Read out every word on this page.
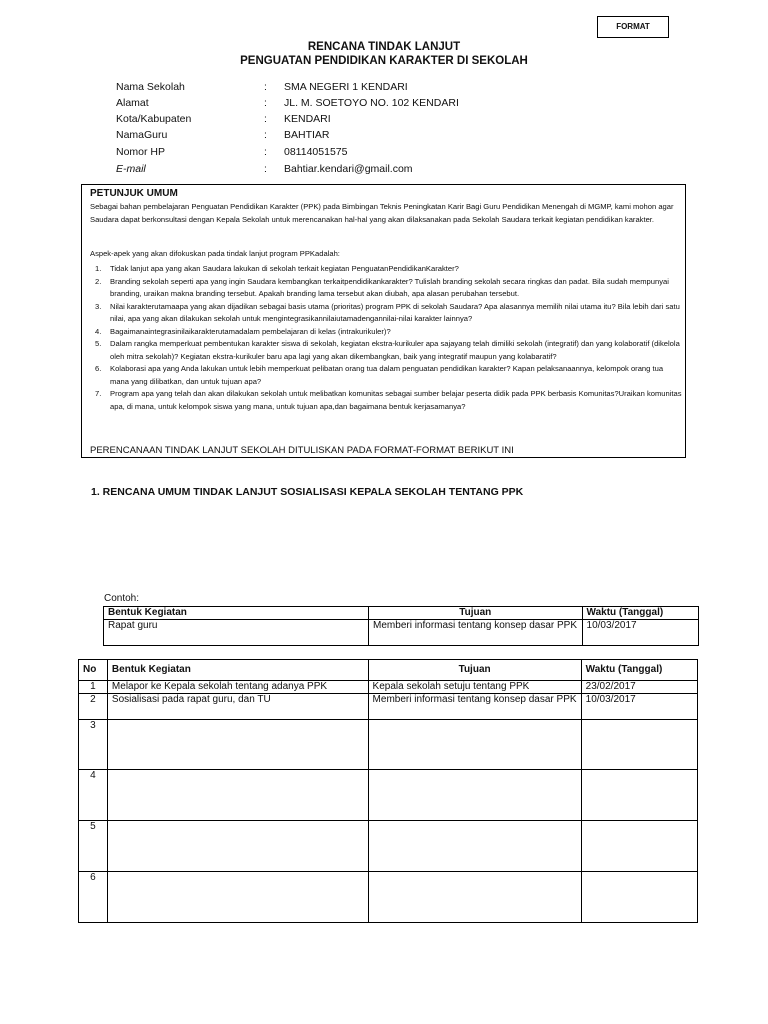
FORMAT
RENCANA TINDAK LANJUT
PENGUATAN PENDIDIKAN KARAKTER DI SEKOLAH
Nama Sekolah	: SMA NEGERI 1 KENDARI
Alamat	: JL. M. SOETOYO NO. 102 KENDARI
Kota/Kabupaten	: KENDARI
NamaGuru	: BAHTIAR
Nomor HP	: 08114051575
E-mail	: Bahtiar.kendari@gmail.com
PETUNJUK UMUM
Sebagai bahan pembelajaran Penguatan Pendidikan Karakter (PPK) pada Bimbingan Teknis Peningkatan Karir Bagi Guru Pendidikan Menengah di MGMP, kami mohon agar Saudara dapat berkonsultasi dengan Kepala Sekolah untuk merencanakan hal-hal yang akan dilaksanakan pada Sekolah Saudara terkait kegiatan pendidikan karakter.
Aspek-apek yang akan difokuskan pada tindak lanjut program PPKadalah:
1. Tidak lanjut apa yang akan Saudara lakukan di sekolah terkait kegiatan PenguatanPendidikanKarakter?
2. Branding sekolah seperti apa yang ingin Saudara kembangkan terkaitpendidikankarakter? Tulislah branding sekolah secara ringkas dan padat. Bila sudah mempunyai branding, uraikan makna branding tersebut. Apakah branding lama tersebut akan diubah, apa alasan perubahan tersebut.
3. Nilai karakterutamaapa yang akan dijadikan sebagai basis utama (prioritas) program PPK di sekolah Saudara? Apa alasannya memilih nilai utama itu? Bila lebih dari satu nilai, apa yang akan dilakukan sekolah untuk mengintegrasikannilaiutamadengannilai-nilai karakter lainnya?
4. Bagaimanaintegrasinilaikarakterutamadalam pembelajaran di kelas (intrakurikuler)?
5. Dalam rangka memperkuat pembentukan karakter siswa di sekolah, kegiatan ekstra-kurikuler apa sajayang telah dimiliki sekolah (integratif) dan yang kolaboratif (dikelola oleh mitra sekolah)? Kegiatan ekstra-kurikuler baru apa lagi yang akan dikembangkan, baik yang integratif maupun yang kolabaratif?
6. Kolaborasi apa yang Anda lakukan untuk lebih memperkuat pelibatan orang tua dalam penguatan pendidikan karakter? Kapan pelaksanaannya, kelompok orang tua mana yang dilibatkan, dan untuk tujuan apa?
7. Program apa yang telah dan akan dilakukan sekolah untuk melibatkan komunitas sebagai sumber belajar peserta didik pada PPK berbasis Komunitas?Uraikan komunitas apa, di mana, untuk kelompok siswa yang mana, untuk tujuan apa,dan bagaimana bentuk kerjasamanya?
PERENCANAAN TINDAK LANJUT SEKOLAH DITULISKAN PADA FORMAT-FORMAT BERIKUT INI
1. RENCANA UMUM TINDAK LANJUT SOSIALISASI KEPALA SEKOLAH TENTANG PPK
Contoh:
Bentuk Kegiatan	Tujuan	Waktu (Tanggal)
Rapat guru	Memberi informasi tentang konsep dasar PPK	10/03/2017
No	Bentuk Kegiatan	Tujuan	Waktu (Tanggal)
1	Melapor ke Kepala sekolah tentang adanya PPK	Kepala sekolah setuju tentang PPK	23/02/2017
2	Sosialisasi pada rapat guru, dan TU	Memberi informasi tentang konsep dasar PPK	10/03/2017
3			
4			
5			
6			
